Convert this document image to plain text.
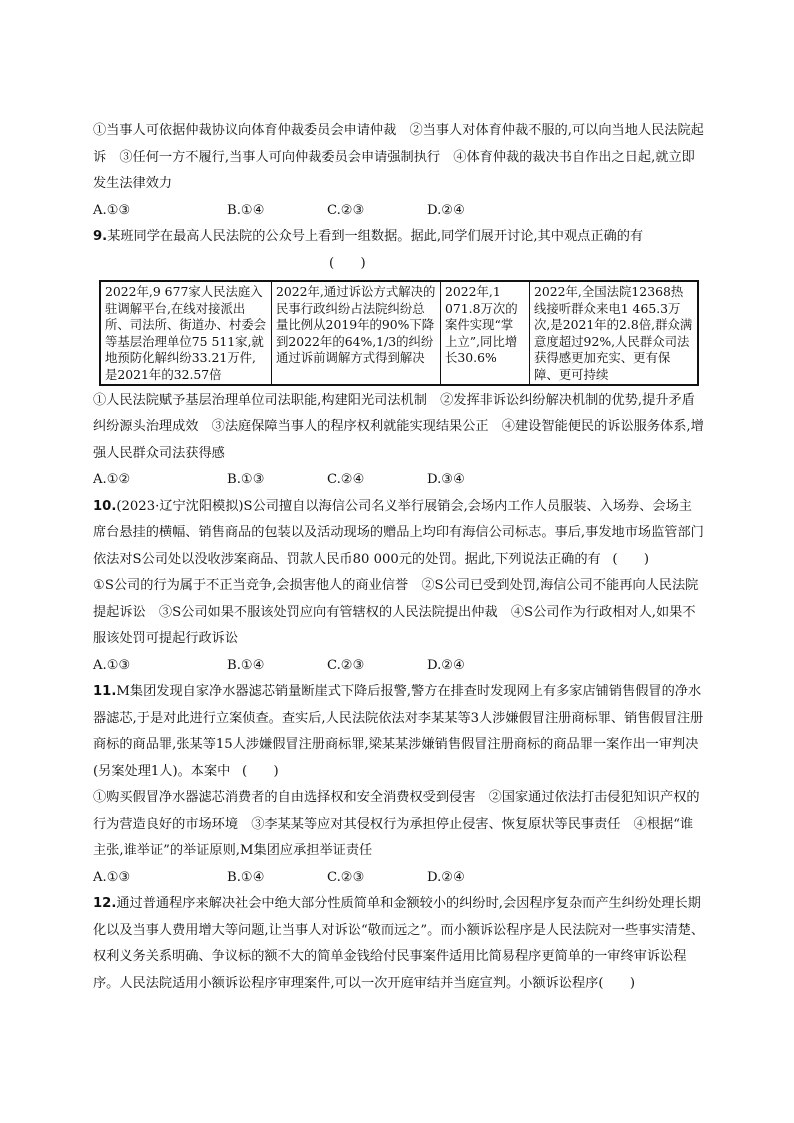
①当事人可依据仲裁协议向体育仲裁委员会申请仲裁　②当事人对体育仲裁不服的,可以向当地人民法院起诉　③任何一方不履行,当事人可向仲裁委员会申请强制执行　④体育仲裁的裁决书自作出之日起,就立即发生法律效力

A.①③	B.①④	C.②③	D.②④

9.某班同学在最高人民法院的公众号上看到一组数据。据此,同学们展开讨论,其中观点正确的有

(　　)

2022年,9 677家人民法庭入驻调解平台,在线对接派出所、司法所、街道办、村委会等基层治理单位75 511家,就地预防化解纠纷33.21万件,是2021年的32.57倍	2022年,通过诉讼方式解决的民事行政纠纷占法院纠纷总量比例从2019年的90%下降到2022年的64%,1/3的纠纷通过诉前调解方式得到解决	2022年,1 071.8万次的案件实现“掌上立”,同比增长30.6%	2022年,全国法院12368热线接听群众来电1 465.3万次,是2021年的2.8倍,群众满意度超过92%,人民群众司法获得感更加充实、更有保障、更可持续

①人民法院赋予基层治理单位司法职能,构建阳光司法机制　②发挥非诉讼纠纷解决机制的优势,提升矛盾纠纷源头治理成效　③法庭保障当事人的程序权利就能实现结果公正　④建设智能便民的诉讼服务体系,增强人民群众司法获得感

A.①②	B.①③	C.②④	D.③④

10.(2023·辽宁沈阳模拟)S公司擅自以海信公司名义举行展销会,会场内工作人员服装、入场券、会场主席台悬挂的横幅、销售商品的包装以及活动现场的赠品上均印有海信公司标志。事后,事发地市场监管部门依法对S公司处以没收涉案商品、罚款人民币80 000元的处罚。据此,下列说法正确的有 (　　)

①S公司的行为属于不正当竞争,会损害他人的商业信誉　②S公司已受到处罚,海信公司不能再向人民法院提起诉讼　③S公司如果不服该处罚应向有管辖权的人民法院提出仲裁　④S公司作为行政相对人,如果不服该处罚可提起行政诉讼

A.①③	B.①④	C.②③	D.②④

11.M集团发现自家净水器滤芯销量断崖式下降后报警,警方在排查时发现网上有多家店铺销售假冒的净水器滤芯,于是对此进行立案侦查。查实后,人民法院依法对李某某等3人涉嫌假冒注册商标罪、销售假冒注册商标的商品罪,张某等15人涉嫌假冒注册商标罪,梁某某涉嫌销售假冒注册商标的商品罪一案作出一审判决(另案处理1人)。本案中 (　　)

①购买假冒净水器滤芯消费者的自由选择权和安全消费权受到侵害　②国家通过依法打击侵犯知识产权的行为营造良好的市场环境　③李某某等应对其侵权行为承担停止侵害、恢复原状等民事责任　④根据“谁主张,谁举证”的举证原则,M集团应承担举证责任

A.①③	B.①④	C.②③	D.②④

12.通过普通程序来解决社会中绝大部分性质简单和金额较小的纠纷时,会因程序复杂而产生纠纷处理长期化以及当事人费用增大等问题,让当事人对诉讼“敬而远之”。而小额诉讼程序是人民法院对一些事实清楚、权利义务关系明确、争议标的额不大的简单金钱给付民事案件适用比简易程序更简单的一审终审诉讼程序。人民法院适用小额诉讼程序审理案件,可以一次开庭审结并当庭宣判。小额诉讼程序(　　)
